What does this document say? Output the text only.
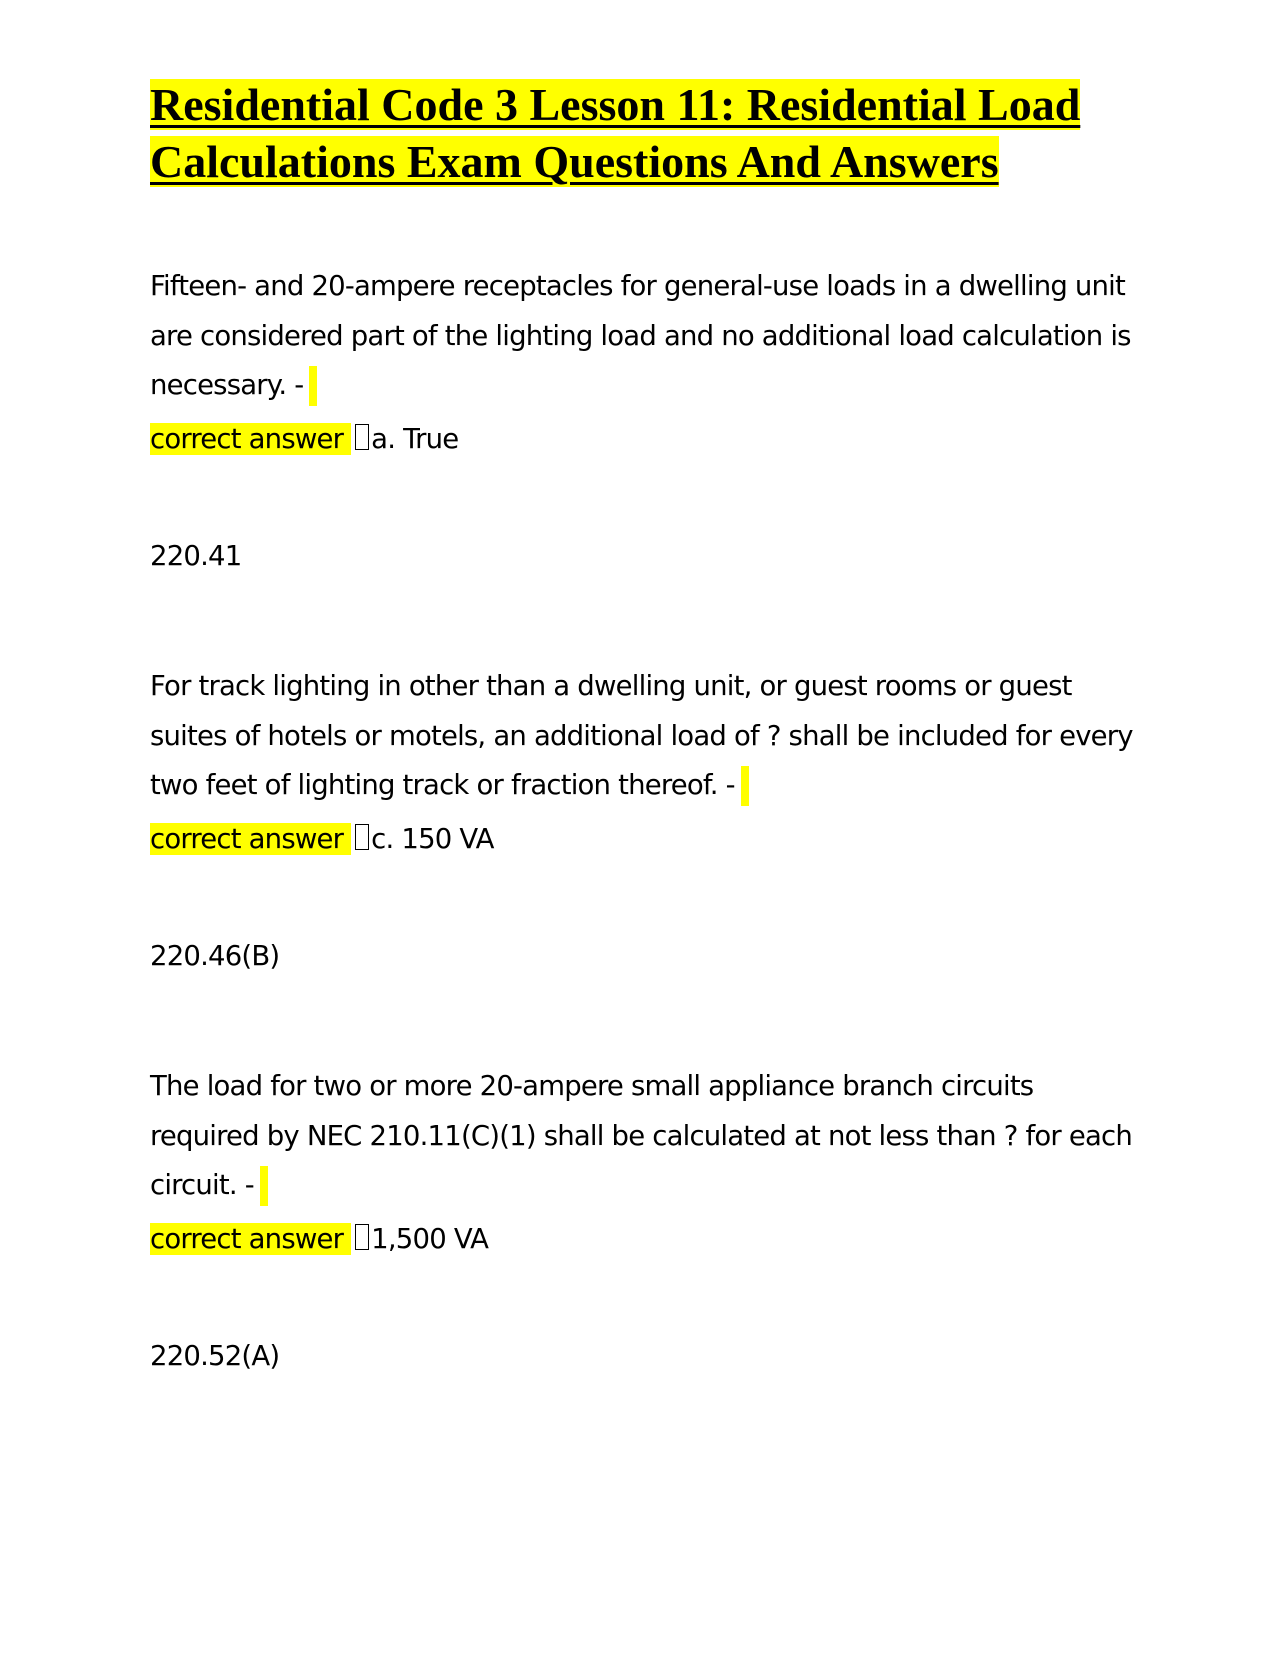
Residential Code 3 Lesson 11: Residential Load Calculations Exam Questions And Answers

Fifteen- and 20-ampere receptacles for general-use loads in a dwelling unit are considered part of the lighting load and no additional load calculation is necessary. -

correct answer a. True

220.41

For track lighting in other than a dwelling unit, or guest rooms or guest suites of hotels or motels, an additional load of ? shall be included for every two feet of lighting track or fraction thereof. -

correct answer c. 150 VA

220.46(B)

The load for two or more 20-ampere small appliance branch circuits required by NEC 210.11(C)(1) shall be calculated at not less than ? for each circuit. -

correct answer 1,500 VA

220.52(A)
